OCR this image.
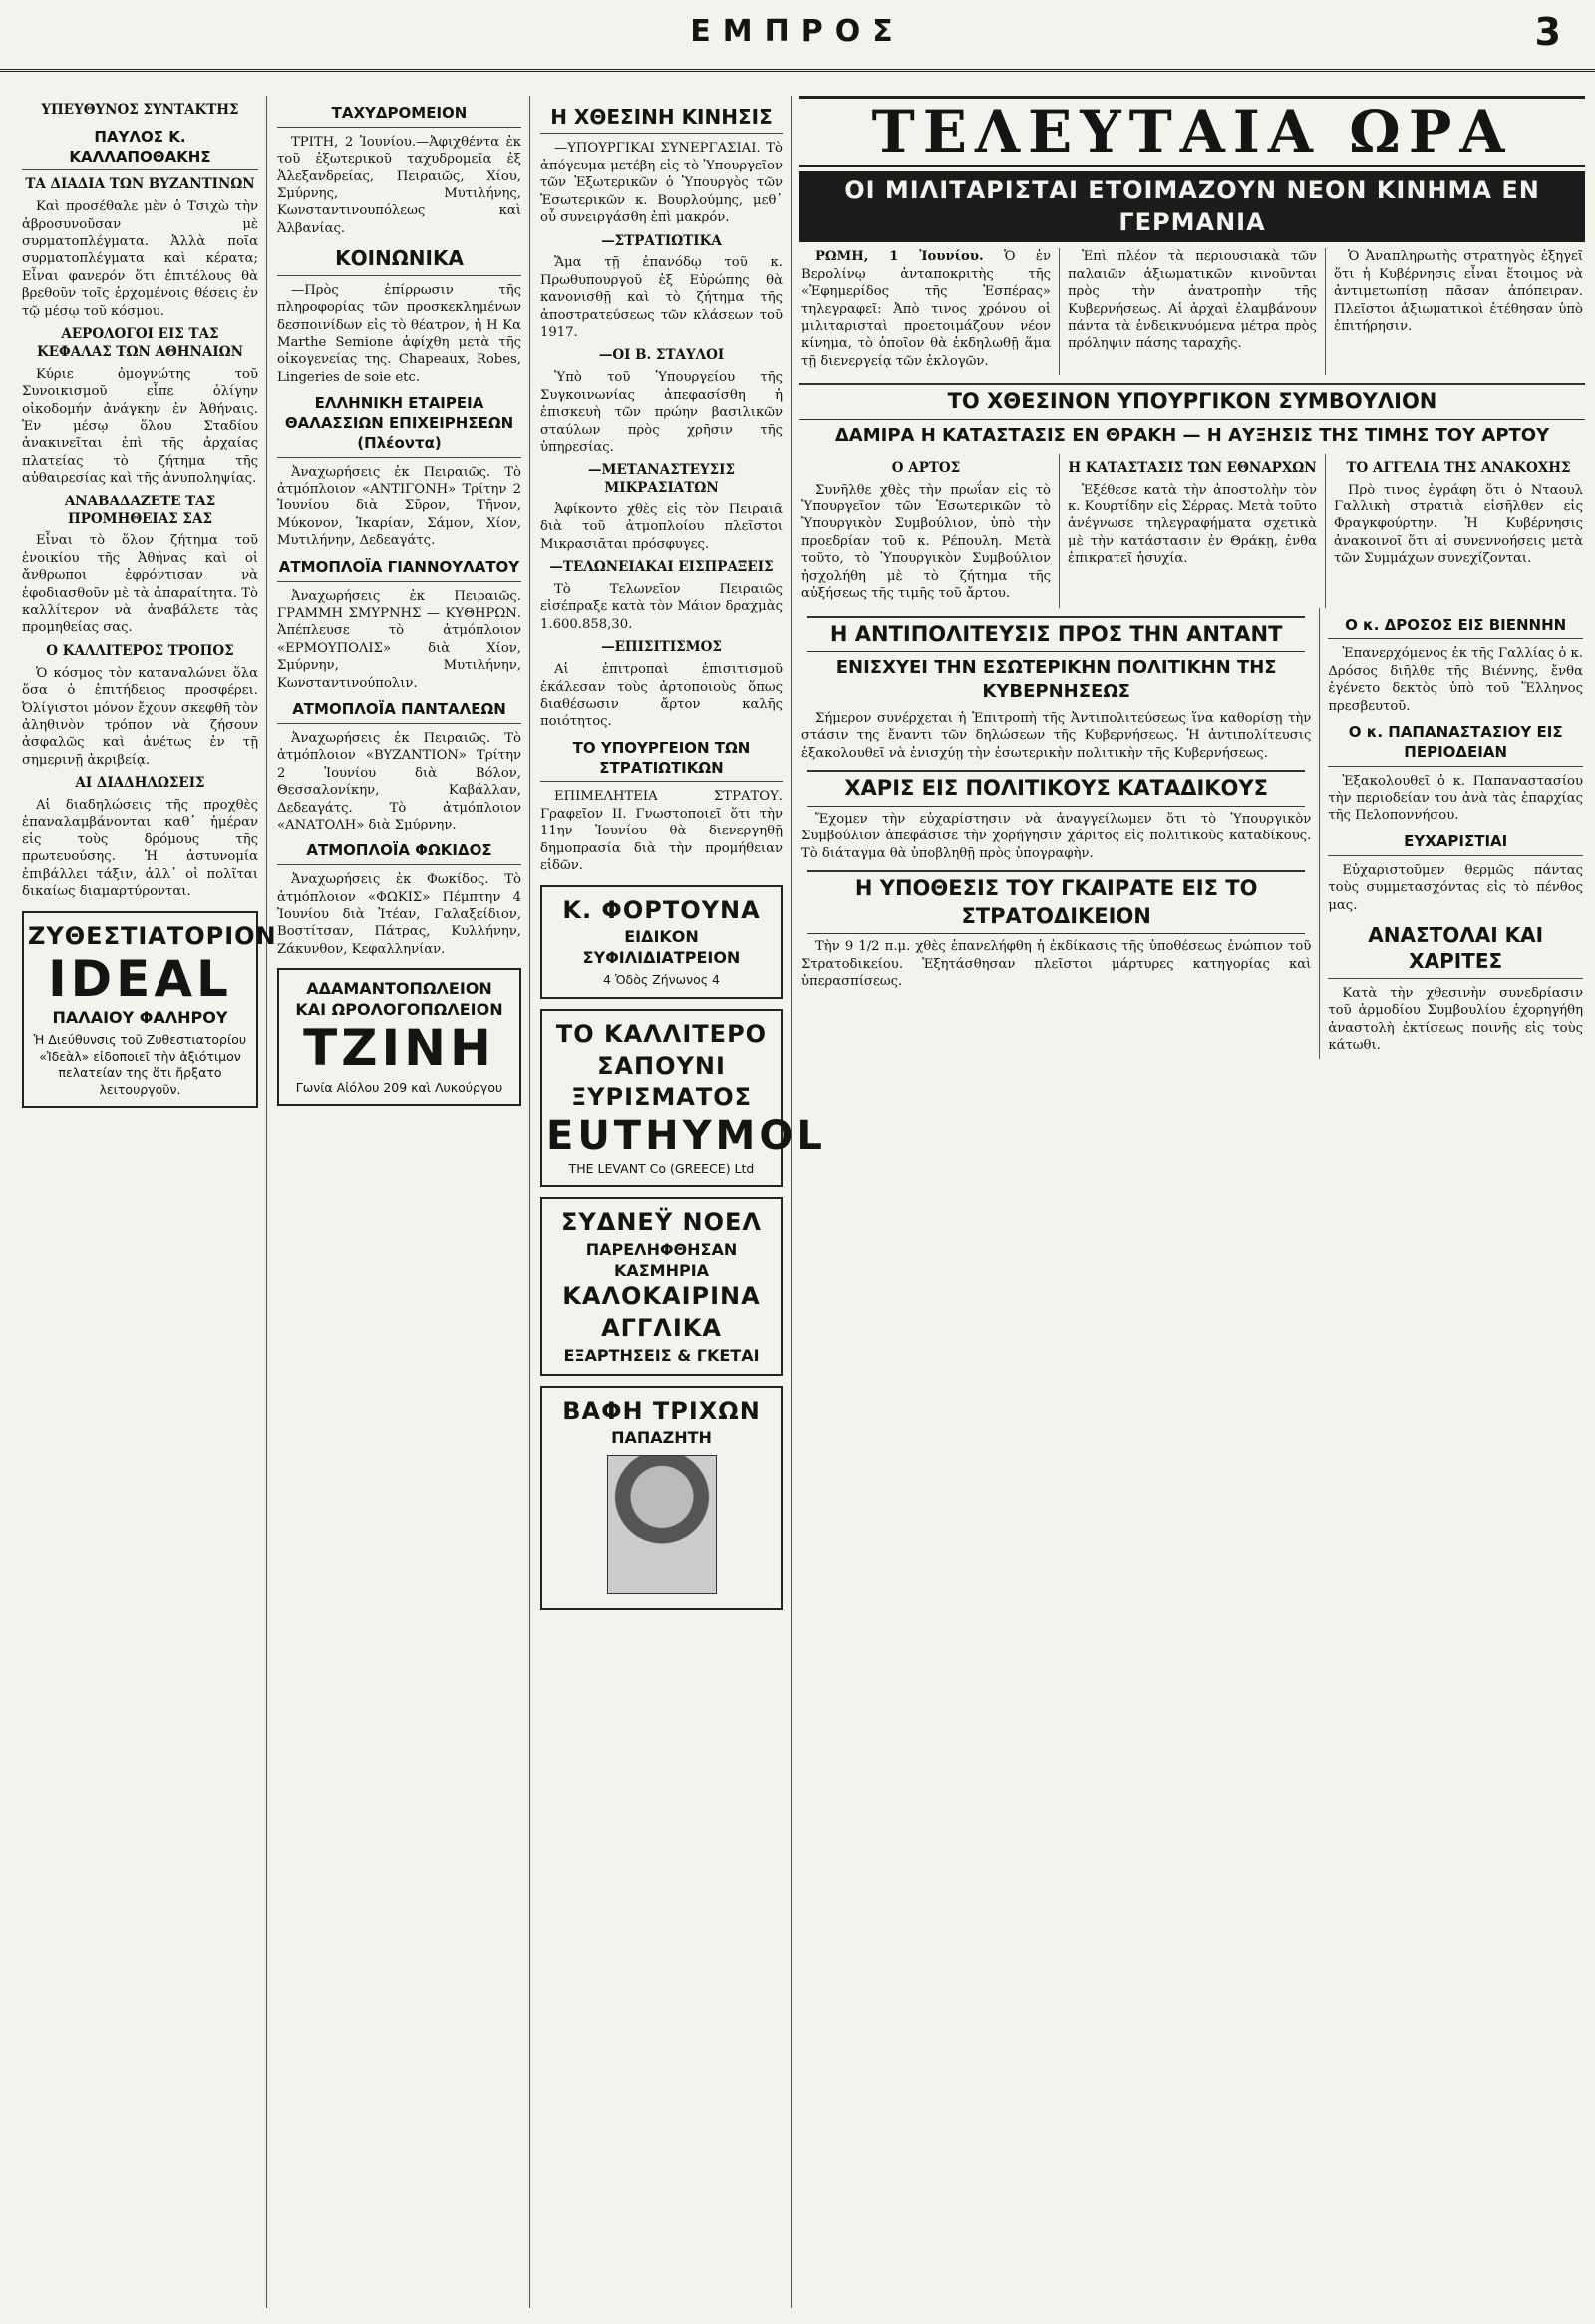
ΕΜΠΡΟΣ	3
ΥΠΕΥΘΥΝΟΣ ΣΥΝΤΑΚΤΗΣ
ΠΑΥΛΟΣ Κ. ΚΑΛΛΑΠΟΘΑΚΗΣ
ΤΑ ΔΙΑΔΙΑ ΤΩΝ ΒΥΖΑΝΤΙΝΩΝ

Καὶ προσέθαλε μὲν ὁ Τσιχὼ τὴν ἁβροσυνοῦσαν μὲ συρματοπλέγματα. Ἀλλὰ ποῖα συρματοπλέγματα καὶ κέρατα; Εἶναι φανερόν ὅτι ἐπιτέλους θὰ βρεθοῦν τοῖς ἐρχομένοις θέσεις ἐν τῷ μέσῳ τοῦ κόσμου.

ΑΕΡΟΛΟΓΟΙ ΕΙΣ ΤΑΣ ΚΕΦΑΛΑΣ ΤΩΝ ΑΘΗΝΑΙΩΝ

Κύριε ὁμογνώτης τοῦ Συνοικισμοῦ εἶπε ὀλίγην οἰκοδομήν ἀνάγκην ἐν Ἀθήναις. Ἐν μέσῳ ὅλου Σταδίου ἀνακινεῖται ἐπὶ τῆς ἀρχαίας πλατείας τὸ ζήτημα τῆς αὐθαιρεσίας καὶ τῆς ἀνυποληψίας.

ΑΝΑΒΑΔΑΖΕΤΕ ΤΑΣ ΠΡΟΜΗΘΕΙΑΣ ΣΑΣ

Εἶναι τὸ ὅλον ζήτημα τοῦ ἐνοικίου τῆς Ἀθήνας καὶ οἱ ἄνθρωποι ἐφρόντισαν νὰ ἐφοδιασθοῦν μὲ τὰ ἀπαραίτητα. Τὸ καλλίτερον νὰ ἀναβάλετε τὰς προμηθείας σας.

Ο ΚΑΛΛΙΤΕΡΟΣ ΤΡΟΠΟΣ

Ὁ κόσμος τὸν καταναλώνει ὅλα ὅσα ὁ ἐπιτήδειος προσφέρει. Ὀλίγιστοι μόνον ἔχουν σκεφθῆ τὸν ἀληθινὸν τρόπον νὰ ζήσουν ἀσφαλῶς καὶ ἀνέτως ἐν τῇ σημερινῇ ἀκριβείᾳ.

ΑΙ ΔΙΑΔΗΛΩΣΕΙΣ

Αἱ διαδηλώσεις τῆς προχθὲς ἐπαναλαμβάνονται καθ᾽ ἡμέραν εἰς τοὺς δρόμους τῆς πρωτευούσης. Ἡ ἀστυνομία ἐπιβάλλει τάξιν, ἀλλ᾽ οἱ πολῖται δικαίως διαμαρτύρονται.

ΖΥΘΕΣΤΙΑΤΟΡΙΟΝ
IDEAL
ΠΑΛΑΙΟΥ ΦΑΛΗΡΟΥ
Ἡ Διεύθυνσις τοῦ Ζυθεστιατορίου «Ἰδεὰλ» εἰδοποιεῖ τὴν ἀξιότιμον πελατείαν της ὅτι ἤρξατο λειτουργοῦν.
ΤΑΧΥΔΡΟΜΕΙΟΝ

ΤΡΙΤΗ, 2 Ἰουνίου.—Ἀφιχθέντα ἐκ τοῦ ἐξωτερικοῦ ταχυδρομεῖα ἐξ Ἀλεξανδρείας, Πειραιῶς, Χίου, Σμύρνης, Μυτιλήνης, Κωνσταντινουπόλεως καὶ Ἀλβανίας.

ΚΟΙΝΩΝΙΚΑ

—Πρὸς ἐπίρρωσιν τῆς πληροφορίας τῶν προσκεκλημένων δεσποινίδων εἰς τὸ θέατρον, ἡ Η Κα Marthe Semione ἀφίχθη μετὰ τῆς οἰκογενείας της. Chapeaux, Robes, Lingeries de soie etc.

ΕΛΛΗΝΙΚΗ ΕΤΑΙΡΕΙΑ ΘΑΛΑΣΣΙΩΝ ΕΠΙΧΕΙΡΗΣΕΩΝ (Πλέοντα)

Ἀναχωρήσεις ἐκ Πειραιῶς. Τὸ ἀτμόπλοιον «ΑΝΤΙΓΟΝΗ» Τρίτην 2 Ἰουνίου διὰ Σῦρον, Τῆνον, Μύκονον, Ἰκαρίαν, Σάμον, Χίον, Μυτιλήνην, Δεδεαγάτς.

ΑΤΜΟΠΛΟΪΑ ΓΙΑΝΝΟΥΛΑΤΟΥ

Ἀναχωρήσεις ἐκ Πειραιῶς. ΓΡΑΜΜΗ ΣΜΥΡΝΗΣ — ΚΥΘΗΡΩΝ. Ἀπέπλευσε τὸ ἀτμόπλοιον «ΕΡΜΟΥΠΟΛΙΣ» διὰ Χίον, Σμύρνην, Μυτιλήνην, Κωνσταντινούπολιν.

ΑΤΜΟΠΛΟΪΑ ΠΑΝΤΑΛΕΩΝ

Ἀναχωρήσεις ἐκ Πειραιῶς. Τὸ ἀτμόπλοιον «ΒΥΖΑΝΤΙΟΝ» Τρίτην 2 Ἰουνίου διὰ Βόλον, Θεσσαλονίκην, Καβάλλαν, Δεδεαγάτς. Τὸ ἀτμόπλοιον «ΑΝΑΤΟΛΗ» διὰ Σμύρνην.

ΑΤΜΟΠΛΟΪΑ ΦΩΚΙΔΟΣ

Ἀναχωρήσεις ἐκ Φωκίδος. Τὸ ἀτμόπλοιον «ΦΩΚΙΣ» Πέμπτην 4 Ἰουνίου διὰ Ἰτέαν, Γαλαξείδιον, Βοστίτσαν, Πάτρας, Κυλλήνην, Ζάκυνθον, Κεφαλληνίαν.

ΑΔΑΜΑΝΤΟΠΩΛΕΙΟΝ
ΚΑΙ ΩΡΟΛΟΓΟΠΩΛΕΙΟΝ
ΤΖΙΝΗ
Γωνία Αἰόλου 209 καὶ Λυκούργου
Η ΧΘΕΣΙΝΗ ΚΙΝΗΣΙΣ

—ΥΠΟΥΡΓΙΚΑΙ ΣΥΝΕΡΓΑΣΙΑΙ. Τὸ ἀπόγευμα μετέβη εἰς τὸ Ὑπουργεῖον τῶν Ἐξωτερικῶν ὁ Ὑπουργὸς τῶν Ἐσωτερικῶν κ. Βουρλούμης, μεθ᾽ οὗ συνειργάσθη ἐπὶ μακρόν.

—ΣΤΡΑΤΙΩΤΙΚΑ

Ἅμα τῇ ἐπανόδῳ τοῦ κ. Πρωθυπουργοῦ ἐξ Εὐρώπης θὰ κανονισθῇ καὶ τὸ ζήτημα τῆς ἀποστρατεύσεως τῶν κλάσεων τοῦ 1917.

—ΟΙ Β. ΣΤΑΥΛΟΙ

Ὑπὸ τοῦ Ὑπουργείου τῆς Συγκοινωνίας ἀπεφασίσθη ἡ ἐπισκευὴ τῶν πρώην βασιλικῶν σταύλων πρὸς χρῆσιν τῆς ὑπηρεσίας.

—ΜΕΤΑΝΑΣΤΕΥΣΙΣ ΜΙΚΡΑΣΙΑΤΩΝ

Ἀφίκοντο χθὲς εἰς τὸν Πειραιᾶ διὰ τοῦ ἀτμοπλοίου πλεῖστοι Μικρασιᾶται πρόσφυγες.

—ΤΕΛΩΝΕΙΑΚΑΙ ΕΙΣΠΡΑΞΕΙΣ

Τὸ Τελωνεῖον Πειραιῶς εἰσέπραξε κατὰ τὸν Μάιον δραχμὰς 1.600.858,30.

—ΕΠΙΣΙΤΙΣΜΟΣ

Αἱ ἐπιτροπαὶ ἐπισιτισμοῦ ἐκάλεσαν τοὺς ἀρτοποιοὺς ὅπως διαθέσωσιν ἄρτον καλῆς ποιότητος.

ΤΟ ΥΠΟΥΡΓΕΙΟΝ ΤΩΝ ΣΤΡΑΤΙΩΤΙΚΩΝ

ΕΠΙΜΕΛΗΤΕΙΑ ΣΤΡΑΤΟΥ. Γραφεῖον ΙΙ. Γνωστοποιεῖ ὅτι τὴν 11ην Ἰουνίου θὰ διενεργηθῇ δημοπρασία διὰ τὴν προμήθειαν εἰδῶν.

Κ. ΦΟΡΤΟΥΝΑ
ΕΙΔΙΚΟΝ ΣΥΦΙΛΙΔΙΑΤΡΕΙΟΝ
4 Ὁδὸς Ζήνωνος 4
ΤΟ ΚΑΛΛΙΤΕΡΟ
ΣΑΠΟΥΝΙ ΞΥΡΙΣΜΑΤΟΣ
EUTHYMOL
THE LEVANT Co (GREECE) Ltd
ΣΥΔΝΕΫ ΝΟΕΛ
ΠΑΡΕΛΗΦΘΗΣΑΝ ΚΑΣΜΗΡΙΑ
ΚΑΛΟΚΑΙΡΙΝΑ ΑΓΓΛΙΚΑ
ΕΞΑΡΤΗΣΕΙΣ & ΓΚΕΤΑΙ
ΒΑΦΗ ΤΡΙΧΩΝ
ΠΑΠΑΖΗΤΗ
ΤΕΛΕΥΤΑΙΑ ΩΡΑ
ΟΙ ΜΙΛΙΤΑΡΙΣΤΑΙ ΕΤΟΙΜΑΖΟΥΝ ΝΕΟΝ ΚΙΝΗΜΑ ΕΝ ΓΕΡΜΑΝΙΑ

ΡΩΜΗ, 1 Ἰουνίου. Ὁ ἐν Βερολίνῳ ἀνταποκριτὴς τῆς «Ἐφημερίδος τῆς Ἑσπέρας» τηλεγραφεῖ: Ἀπὸ τινος χρόνου οἱ μιλιταρισταὶ προετοιμάζουν νέον κίνημα, τὸ ὁποῖον θὰ ἐκδηλωθῇ ἅμα τῇ διενεργείᾳ τῶν ἐκλογῶν.

Ἐπὶ πλέον τὰ περιουσιακὰ τῶν παλαιῶν ἀξιωματικῶν κινοῦνται πρὸς τὴν ἀνατροπὴν τῆς Κυβερνήσεως. Αἱ ἀρχαὶ ἐλαμβάνουν πάντα τὰ ἐνδεικνυόμενα μέτρα πρὸς πρόληψιν πάσης ταραχῆς.

Ὁ Ἀναπληρωτὴς στρατηγὸς ἐξηγεῖ ὅτι ἡ Κυβέρνησις εἶναι ἕτοιμος νὰ ἀντιμετωπίσῃ πᾶσαν ἀπόπειραν. Πλεῖστοι ἀξιωματικοὶ ἐτέθησαν ὑπὸ ἐπιτήρησιν.

ΤΟ ΧΘΕΣΙΝΟΝ ΥΠΟΥΡΓΙΚΟΝ ΣΥΜΒΟΥΛΙΟΝ
ΔΑΜΙΡΑ Η ΚΑΤΑΣΤΑΣΙΣ ΕΝ ΘΡΑΚΗ — Η ΑΥΞΗΣΙΣ ΤΗΣ ΤΙΜΗΣ ΤΟΥ ΑΡΤΟΥ
Ο ΑΡΤΟΣ

Συνῆλθε χθὲς τὴν πρωΐαν εἰς τὸ Ὑπουργεῖον τῶν Ἐσωτερικῶν τὸ Ὑπουργικὸν Συμβούλιον, ὑπὸ τὴν προεδρίαν τοῦ κ. Ρέπουλη. Μετὰ τοῦτο, τὸ Ὑπουργικὸν Συμβούλιον ἠσχολήθη μὲ τὸ ζήτημα τῆς αὐξήσεως τῆς τιμῆς τοῦ ἄρτου.

Η ΚΑΤΑΣΤΑΣΙΣ ΤΩΝ ΕΘΝΑΡΧΩΝ

Ἐξέθεσε κατὰ τὴν ἀποστολὴν τὸν κ. Κουρτίδην εἰς Σέρρας. Μετὰ τοῦτο ἀνέγνωσε τηλεγραφήματα σχετικὰ μὲ τὴν κατάστασιν ἐν Θράκῃ, ἐνθα ἐπικρατεῖ ἡσυχία.

ΤΟ ΑΓΓΕΛΙΑ ΤΗΣ ΑΝΑΚΟΧΗΣ

Πρὸ τινος ἐγράφη ὅτι ὁ Νταουλ Γαλλικὴ στρατιὰ εἰσῆλθεν εἰς Φραγκφούρτην. Ἡ Κυβέρνησις ἀνακοινοῖ ὅτι αἱ συνεννοήσεις μετὰ τῶν Συμμάχων συνεχίζονται.

Η ΑΝΤΙΠΟΛΙΤΕΥΣΙΣ ΠΡΟΣ ΤΗΝ ΑΝΤΑΝΤ
ΕΝΙΣΧΥΕΙ ΤΗΝ ΕΣΩΤΕΡΙΚΗΝ ΠΟΛΙΤΙΚΗΝ ΤΗΣ ΚΥΒΕΡΝΗΣΕΩΣ

Σήμερον συνέρχεται ἡ Ἐπιτροπὴ τῆς Ἀντιπολιτεύσεως ἵνα καθορίσῃ τὴν στάσιν της ἔναντι τῶν δηλώσεων τῆς Κυβερνήσεως. Ἡ ἀντιπολίτευσις ἐξακολουθεῖ νὰ ἐνισχύῃ τὴν ἐσωτερικὴν πολιτικὴν τῆς Κυβερνήσεως.

ΧΑΡΙΣ ΕΙΣ ΠΟΛΙΤΙΚΟΥΣ ΚΑΤΑΔΙΚΟΥΣ

Ἔχομεν τὴν εὐχαρίστησιν νὰ ἀναγγείλωμεν ὅτι τὸ Ὑπουργικὸν Συμβούλιον ἀπεφάσισε τὴν χορήγησιν χάριτος εἰς πολιτικοὺς καταδίκους. Τὸ διάταγμα θὰ ὑποβληθῇ πρὸς ὑπογραφὴν.

Η ΥΠΟΘΕΣΙΣ ΤΟΥ ΓΚΑΙΡΑΤΕ ΕΙΣ ΤΟ ΣΤΡΑΤΟΔΙΚΕΙΟΝ

Τὴν 9 1/2 π.μ. χθὲς ἐπανελήφθη ἡ ἐκδίκασις τῆς ὑποθέσεως ἐνώπιον τοῦ Στρατοδικείου. Ἐξητάσθησαν πλεῖστοι μάρτυρες κατηγορίας καὶ ὑπερασπίσεως.

Ο κ. ΔΡΟΣΟΣ ΕΙΣ ΒΙΕΝΝΗΝ

Ἐπανερχόμενος ἐκ τῆς Γαλλίας ὁ κ. Δρόσος διῆλθε τῆς Βιέννης, ἔνθα ἐγένετο δεκτὸς ὑπὸ τοῦ Ἕλληνος πρεσβευτοῦ.

Ο κ. ΠΑΠΑΝΑΣΤΑΣΙΟΥ ΕΙΣ ΠΕΡΙΟΔΕΙΑΝ

Ἐξακολουθεῖ ὁ κ. Παπαναστασίου τὴν περιοδείαν του ἀνὰ τὰς ἐπαρχίας τῆς Πελοποννήσου.

ΕΥΧΑΡΙΣΤΙΑΙ

Εὐχαριστοῦμεν θερμῶς πάντας τοὺς συμμετασχόντας εἰς τὸ πένθος μας.

ΑΝΑΣΤΟΛΑΙ ΚΑΙ ΧΑΡΙΤΕΣ

Κατὰ τὴν χθεσινὴν συνεδρίασιν τοῦ ἁρμοδίου Συμβουλίου ἐχορηγήθη ἀναστολὴ ἐκτίσεως ποινῆς εἰς τοὺς κάτωθι.
